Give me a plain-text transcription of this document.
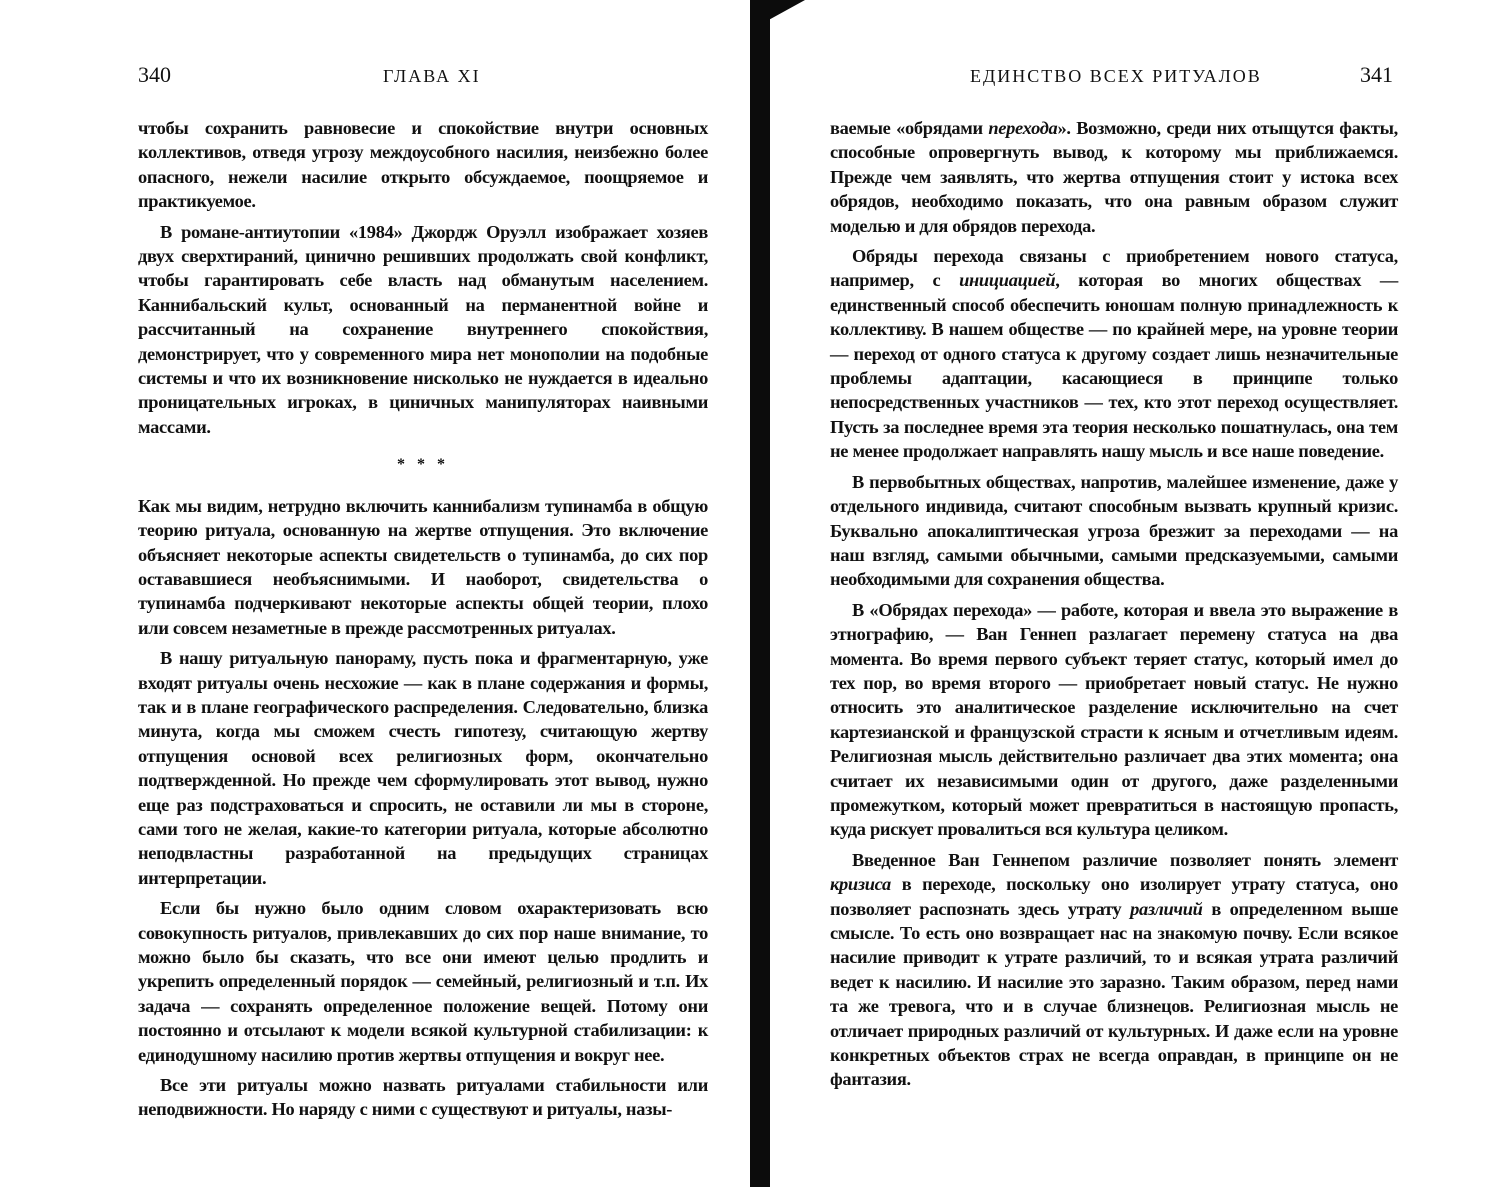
340	ГЛАВА XI

чтобы сохранить равновесие и спокойствие внутри основных коллективов, отведя угрозу междоусобного насилия, неизбежно более опасного, нежели насилие открыто обсуждаемое, поощряемое и практикуемое.

В романе-антиутопии «1984» Джордж Оруэлл изображает хозяев двух сверхтираний, цинично решивших продолжать свой конфликт, чтобы гарантировать себе власть над обманутым населением. Каннибальский культ, основанный на перманентной войне и рассчитанный на сохранение внутреннего спокойствия, демонстрирует, что у современного мира нет монополии на подобные системы и что их возникновение нисколько не нуждается в идеально проницательных игроках, в циничных манипуляторах наивными массами.

* * *

Как мы видим, нетрудно включить каннибализм тупинамба в общую теорию ритуала, основанную на жертве отпущения. Это включение объясняет некоторые аспекты свидетельств о тупинамба, до сих пор остававшиеся необъяснимыми. И наоборот, свидетельства о тупинамба подчеркивают некоторые аспекты общей теории, плохо или совсем незаметные в прежде рассмотренных ритуалах.

В нашу ритуальную панораму, пусть пока и фрагментарную, уже входят ритуалы очень несхожие — как в плане содержания и формы, так и в плане географического распределения. Следовательно, близка минута, когда мы сможем счесть гипотезу, считающую жертву отпущения основой всех религиозных форм, окончательно подтвержденной. Но прежде чем сформулировать этот вывод, нужно еще раз подстраховаться и спросить, не оставили ли мы в стороне, сами того не желая, какие-то категории ритуала, которые абсолютно неподвластны разработанной на предыдущих страницах интерпретации.

Если бы нужно было одним словом охарактеризовать всю совокупность ритуалов, привлекавших до сих пор наше внимание, то можно было бы сказать, что все они имеют целью продлить и укрепить определенный порядок — семейный, религиозный и т.п. Их задача — сохранять определенное положение вещей. Потому они постоянно и отсылают к модели всякой культурной стабилизации: к единодушному насилию против жертвы отпущения и вокруг нее.

Все эти ритуалы можно назвать ритуалами стабильности или неподвижности. Но наряду с ними с существуют и ритуалы, назы-

ЕДИНСТВО ВСЕХ РИТУАЛОВ	341

ваемые «обрядами перехода». Возможно, среди них отыщутся факты, способные опровергнуть вывод, к которому мы приближаемся. Прежде чем заявлять, что жертва отпущения стоит у истока всех обрядов, необходимо показать, что она равным образом служит моделью и для обрядов перехода.

Обряды перехода связаны с приобретением нового статуса, например, с инициацией, которая во многих обществах — единственный способ обеспечить юношам полную принадлежность к коллективу. В нашем обществе — по крайней мере, на уровне теории — переход от одного статуса к другому создает лишь незначительные проблемы адаптации, касающиеся в принципе только непосредственных участников — тех, кто этот переход осуществляет. Пусть за последнее время эта теория несколько пошатнулась, она тем не менее продолжает направлять нашу мысль и все наше поведение.

В первобытных обществах, напротив, малейшее изменение, даже у отдельного индивида, считают способным вызвать крупный кризис. Буквально апокалиптическая угроза брезжит за переходами — на наш взгляд, самыми обычными, самыми предсказуемыми, самыми необходимыми для сохранения общества.

В «Обрядах перехода» — работе, которая и ввела это выражение в этнографию, — Ван Геннеп разлагает перемену статуса на два момента. Во время первого субъект теряет статус, который имел до тех пор, во время второго — приобретает новый статус. Не нужно относить это аналитическое разделение исключительно на счет картезианской и французской страсти к ясным и отчетливым идеям. Религиозная мысль действительно различает два этих момента; она считает их независимыми один от другого, даже разделенными промежутком, который может превратиться в настоящую пропасть, куда рискует провалиться вся культура целиком.

Введенное Ван Геннепом различие позволяет понять элемент кризиса в переходе, поскольку оно изолирует утрату статуса, оно позволяет распознать здесь утрату различий в определенном выше смысле. То есть оно возвращает нас на знакомую почву. Если всякое насилие приводит к утрате различий, то и всякая утрата различий ведет к насилию. И насилие это заразно. Таким образом, перед нами та же тревога, что и в случае близнецов. Религиозная мысль не отличает природных различий от культурных. И даже если на уровне конкретных объектов страх не всегда оправдан, в принципе он не фантазия.
